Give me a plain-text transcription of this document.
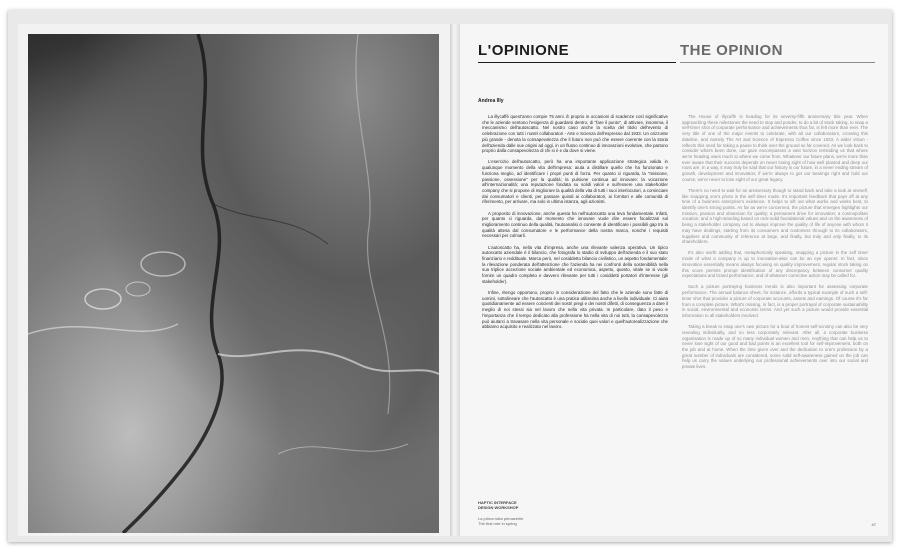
L'OPINIONE	THE OPINION
Andrea Illy

La illycaffè quest'anno compie 75 anni. È proprio in occasioni di scadenze così significative che le aziende sentono l'esigenza di guardarsi dentro, di "fare il punto", di attivare, insomma, il meccanismo dell'autoscatto. Nel nostro caso anche la scelta del titolo dell'evento di celebrazione con tutti i nostri collaboratori - Arte e Scienza dell'espresso dal 1933. Un orizzonte più grande - denota la consapevolezza che il futuro non può che essere coerente con la storia dell'azienda dalle sue origini ad oggi, in un flusso continuo di innovazioni evolutive, che partono proprio dalla consapevolezza di chi si è e da dove si viene.

L'esercizio dell'autoscatto, però ha una importante applicazione strategica valida in qualunque momento della vita dell'impresa: aiuta a distillare quello che ha funzionato e funziona meglio, ad identificare i propri punti di forza. Per quanto ci riguarda, la "missione, passione, ossessione" per la qualità; la pulsione continua ad innovare; la vocazione all'internazionalità; una reputazione fondata su solidi valori e sull'essere una stakeholder company che si propone di migliorare la qualità della vita di tutti i suoi interlocutori, a cominciare dai consumatori e clienti, per passare quindi ai collaboratori, ai fornitori e alle comunità di riferimento, per arrivare, ma solo in ultima istanza, agli azionisti.

A proposito di innovazione, anche questa ha nell'autoscatto una leva fondamentale. Infatti, per quanto ci riguarda, dal momento che innovare vuole dire essere focalizzati sul miglioramento continuo della qualità, l'autoanalisi ci consente di identificare i possibili gap tra la qualità attesa dal consumatore e le performance della nostra marca, nonché i requisiti necessari per colmarli.

L'autoscatto ha, nella vita d'impresa, anche una rilevante valenza operativa. Un tipico autoscatto aziendale è il bilancio, che fotografa lo stadio di sviluppo dell'azienda e il suo stato finanziario e reddituale. Marca però, nel cosiddetto bilancio civilistico, un aspetto fondamentale: la rilevazione ponderata dell'attenzione che l'azienda ha nei confronti della sostenibilità nella sua triplice accezione sociale ambientale ed economica, aspetto, questo, vitale se si vuole fornire un quadro completo e davvero rilevante per tutti i cosiddetti portatori d'interesse (gli stakeholder).

Infine, ritengo opportuno, proprio in considerazione del fatto che le aziende sono fatte di uomini, sottolineare che l'autoscatto è una pratica utilissima anche a livello individuale. Ci aiuta quotidianamente ad essere coscienti dei nostri pregi e dei nostri difetti, di conseguenza a dare il meglio di noi stessi sia nel lavoro che nella vita privata. In particolare, dato il peso e l'importanza che il tempo dedicato alla professione ha nella vita di noi tutti, la consapevolezza può aiutarci a travasare nella vita personale e sociale quei valori e quell'autorealizzazione che abbiamo acquisito e realizzato nel lavoro.

The House of illycaffè is heading for its seventy-fifth anniversary this year. When approaching these milestones the need to stop and ponder, to do a bit of stock taking, to snap a self-timer shot of corporate performance and achievements thus far, is felt more than ever. The very title of one of the major events to celebrate, with all our collaborators, crossing this dateline, and namely The Art and Science of Espresso Coffee since 1933. A wider vision - reflects this need for taking a pause to think over the ground so far covered. As we look back to consider what's been done, our gaze encompasses a vast horizon reminding us that where we're heading owes much to where we come from. Whatever our future plans, we're more than ever aware that their success depends on never losing sight of how well planted and deep our roots are. In a way, it may truly be said that our history is our future, in a never ending stream of growth, development and innovation; if we're always to get our bearings right and hold our course, we're never to lose sight of our great legacy.

There's no need to wait for an anniversary though to stand back and take a look at oneself, like snapping one's photo in the self timer mode. It's important feedback that pays off at any time of a business enterprise's existence. It helps to sift out what works and works best, to identify one's strong points. As far as we're concerned, the picture that emerges highlights our mission, passion and obsession for quality; a permanent drive for innovation; a cosmopolitan vocation; and a high-standing based on rock-solid foundational values and on the awareness of being a stakeholder company out to always improve the quality of life of anyone with whom it may have dealings, starting from its consumers and customers through to its collaborators, suppliers and community of reference at large, and finally, but truly and only finally, to its shareholders.

It's also worth adding that, metaphorically speaking, snapping a picture in the self timer mode of what a company is up to innovation-wise can be an eye opener. In fact, since innovation essentially means always focusing on quality improvement, regular stock taking on this score permits prompt identification of any discrepancy between consumer quality expectations and brand performance, and of whatever corrective action may be called for.

Such a picture portraying business trends is also important for assessing corporate performance. The annual balance sheet, for instance, affords a typical example of such a self-timer shot that provides a picture of corporate accounts, assets and earnings. Of course it's far from a complete picture. What's missing, in fact, is a proper portrayal of corporate sustainability in social, environmental and economic terms. And yet such a picture would provide essential information to all stakeholders involved.

Taking a break to snap one's own picture for a bout of honest self-scrutiny can also be very revealing individually, and no less corporately relevant. After all, a corporate business organisation is made up of so many individual women and men. Anything that can help us to never lose sight of our good and bad points is an excellent tool for self-improvement, both on the job and at home. When the time given over and the dedication to one's profession by a great number of individuals are considered, some solid self-awareness gained on the job can help us carry the values underlying our professional achievements over into our social and private lives.

HAPTIC INTERFACE
DESIGN WORKSHOP
La prima rotta primaverile
The first rote in spring	47
